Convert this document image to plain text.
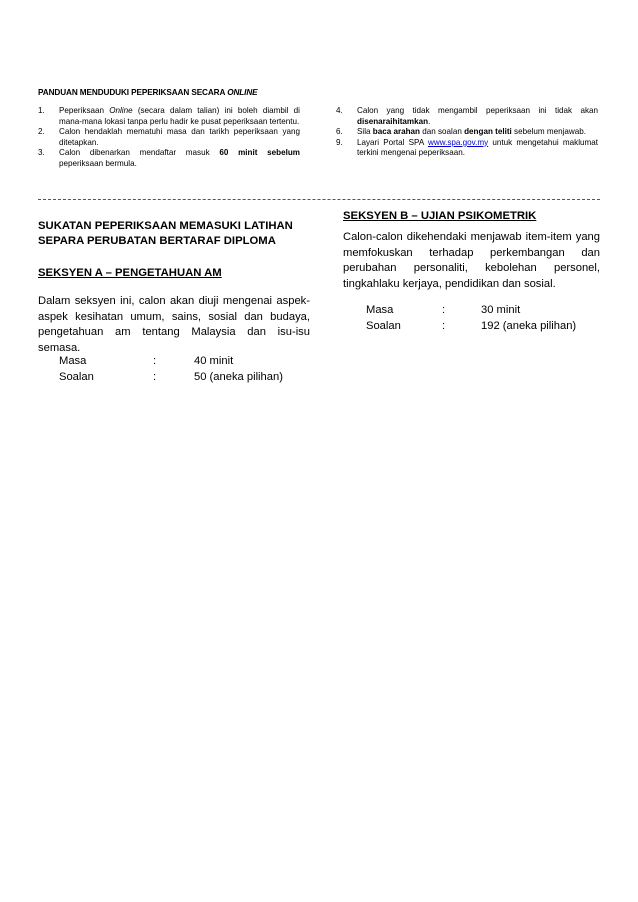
PANDUAN MENDUDUKI PEPERIKSAAN SECARA ONLINE
1.	Peperiksaan Online (secara dalam talian) ini boleh diambil di mana-mana lokasi tanpa perlu hadir ke pusat peperiksaan tertentu.
2.	Calon hendaklah mematuhi masa dan tarikh peperiksaan yang ditetapkan.
3.	Calon dibenarkan mendaftar masuk 60 minit sebelum peperiksaan bermula.
4.	Calon yang tidak mengambil peperiksaan ini tidak akan disenaraihitamkan.
6.	Sila baca arahan dan soalan dengan teliti sebelum menjawab.
9.	Layari Portal SPA www.spa.gov.my untuk mengetahui maklumat terkini mengenai peperiksaan.
SUKATAN PEPERIKSAAN MEMASUKI LATIHAN SEPARA PERUBATAN BERTARAF DIPLOMA
SEKSYEN A – PENGETAHUAN AM
Dalam seksyen ini, calon akan diuji mengenai aspek-aspek kesihatan umum, sains, sosial dan budaya, pengetahuan am tentang Malaysia dan isu-isu semasa.
Masa	:	40 minit
Soalan	:	50 (aneka pilihan)
SEKSYEN B – UJIAN PSIKOMETRIK
Calon-calon dikehendaki menjawab item-item yang memfokuskan terhadap perkembangan dan perubahan personaliti, kebolehan personel, tingkahlaku kerjaya, pendidikan dan sosial.
Masa	:	30 minit
Soalan	:	192 (aneka pilihan)
